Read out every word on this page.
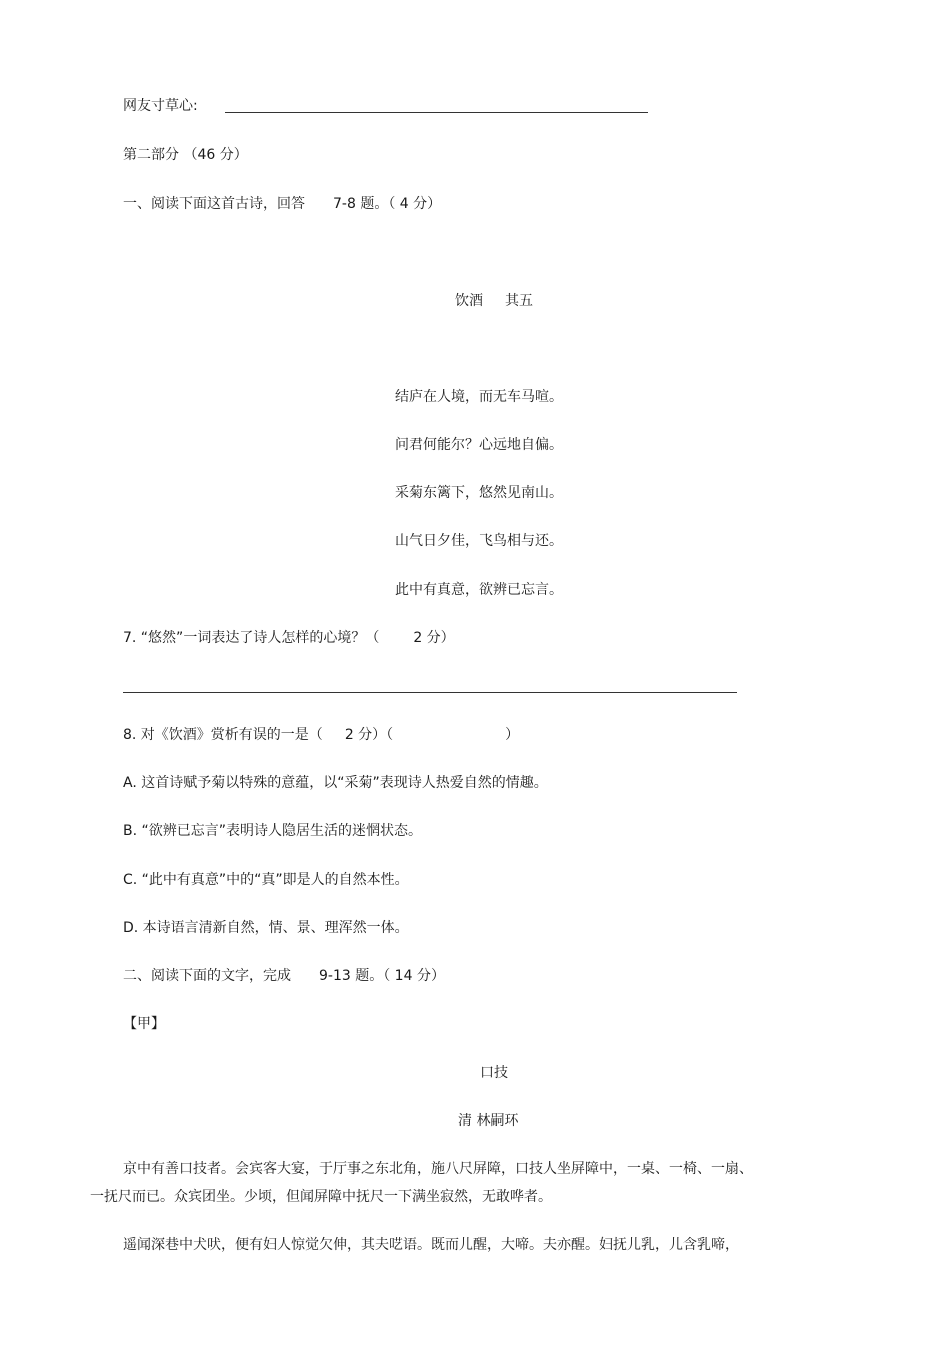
网友寸草心:
第二部分 （46 分）
一、阅读下面这首古诗，回答 7-8 题。（ 4 分）
饮酒 其五
结庐在人境，而无车马喧。
问君何能尔？心远地自偏。
采菊东篱下，悠然见南山。
山气日夕佳，飞鸟相与还。
此中有真意，欲辨已忘言。
7. “悠然”一词表达了诗人怎样的心境？（ 2 分）
8. 对《饮酒》赏析有误的一是（ 2 分）（	）
A. 这首诗赋予菊以特殊的意蕴，以“采菊”表现诗人热爱自然的情趣。
B. “欲辨已忘言”表明诗人隐居生活的迷惘状态。
C. “此中有真意”中的“真”即是人的自然本性。
D. 本诗语言清新自然，情、景、理浑然一体。
二、阅读下面的文字，完成 9-13 题。（ 14 分）
【甲】
口技
清 林嗣环
京中有善口技者。会宾客大宴，于厅事之东北角，施八尺屏障，口技人坐屏障中，一桌、一椅、一扇、
一抚尺而已。众宾团坐。少顷，但闻屏障中抚尺一下满坐寂然，无敢哗者。
遥闻深巷中犬吠，便有妇人惊觉欠伸，其夫呓语。既而儿醒，大啼。夫亦醒。妇抚儿乳，儿含乳啼，
